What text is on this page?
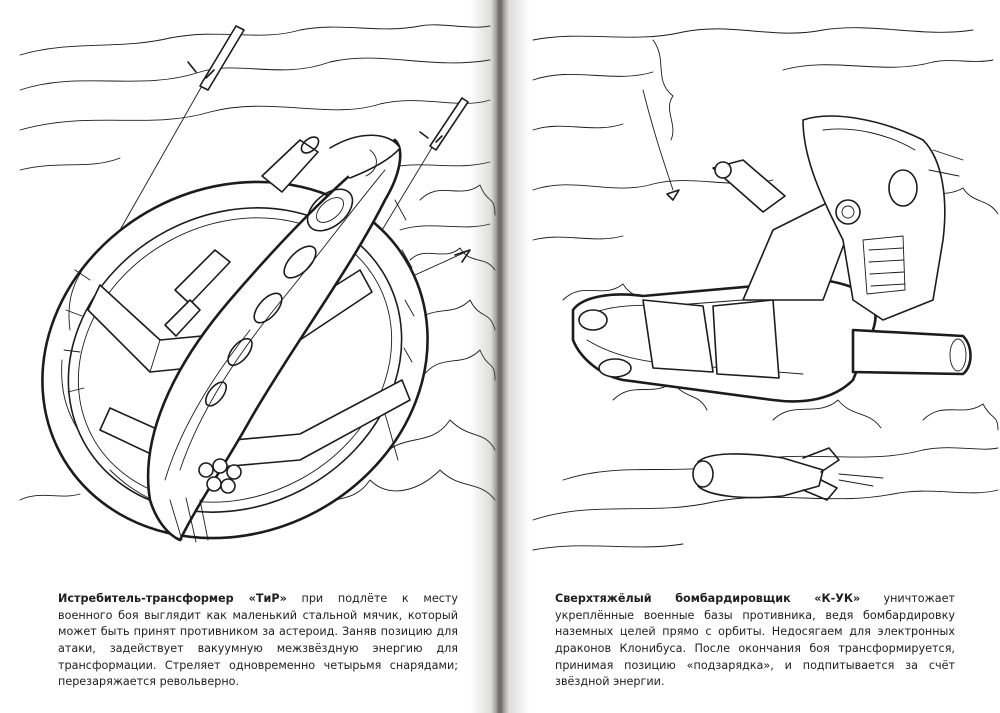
Истребитель-трансформер «ТиР» при подлёте к месту военного боя выглядит как маленький стальной мячик, который может быть принят противником за астероид. Заняв позицию для атаки, задействует вакуумную межзвёздную энергию для трансформации. Стреляет одновременно четырьмя снарядами; перезаряжается револьверно.

Сверхтяжёлый бомбардировщик «К-УК» уничтожает укреплённые военные базы противника, ведя бомбардировку наземных целей прямо с орбиты. Недосягаем для электронных драконов Клонибуса. После окончания боя трансформируется, принимая позицию «подзарядка», и подпитывается за счёт звёздной энергии.
